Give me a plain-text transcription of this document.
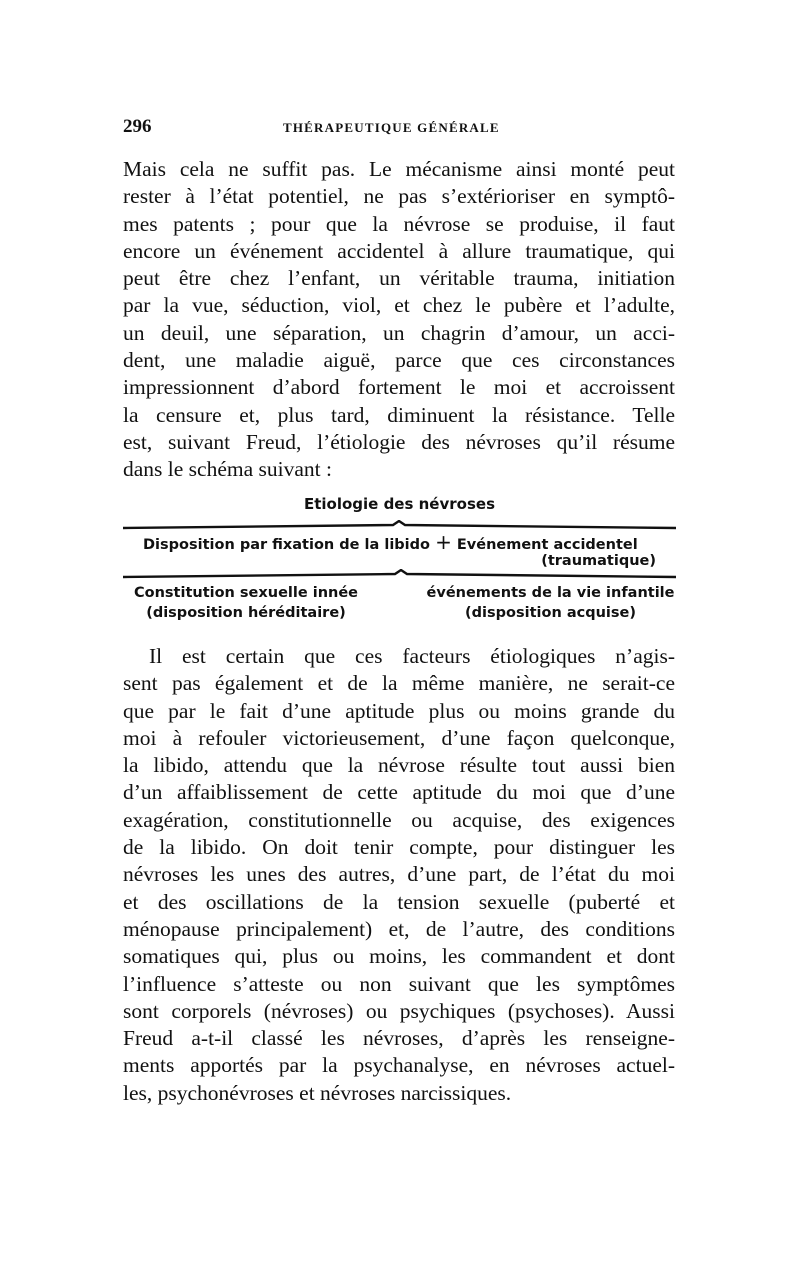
296	THÉRAPEUTIQUE GÉNÉRALE
Mais cela ne suffit pas. Le mécanisme ainsi monté peut
rester à l’état potentiel, ne pas s’extérioriser en symptô-
mes patents ; pour que la névrose se produise, il faut
encore un événement accidentel à allure traumatique, qui
peut être chez l’enfant, un véritable trauma, initiation
par la vue, séduction, viol, et chez le pubère et l’adulte,
un deuil, une séparation, un chagrin d’amour, un acci-
dent, une maladie aiguë, parce que ces circonstances
impressionnent d’abord fortement le moi et accroissent
la censure et, plus tard, diminuent la résistance. Telle
est, suivant Freud, l’étiologie des névroses qu’il résume
dans le schéma suivant :
Etiologie des névroses
Disposition par fixation de la libido + Evénement accidentel
(traumatique)
Constitution sexuelle innée
(disposition héréditaire)
événements de la vie infantile
(disposition acquise)
Il est certain que ces facteurs étiologiques n’agis-
sent pas également et de la même manière, ne serait-ce
que par le fait d’une aptitude plus ou moins grande du
moi à refouler victorieusement, d’une façon quelconque,
la libido, attendu que la névrose résulte tout aussi bien
d’un affaiblissement de cette aptitude du moi que d’une
exagération, constitutionnelle ou acquise, des exigences
de la libido. On doit tenir compte, pour distinguer les
névroses les unes des autres, d’une part, de l’état du moi
et des oscillations de la tension sexuelle (puberté et
ménopause principalement) et, de l’autre, des conditions
somatiques qui, plus ou moins, les commandent et dont
l’influence s’atteste ou non suivant que les symptômes
sont corporels (névroses) ou psychiques (psychoses). Aussi
Freud a-t-il classé les névroses, d’après les renseigne-
ments apportés par la psychanalyse, en névroses actuel-
les, psychonévroses et névroses narcissiques.
